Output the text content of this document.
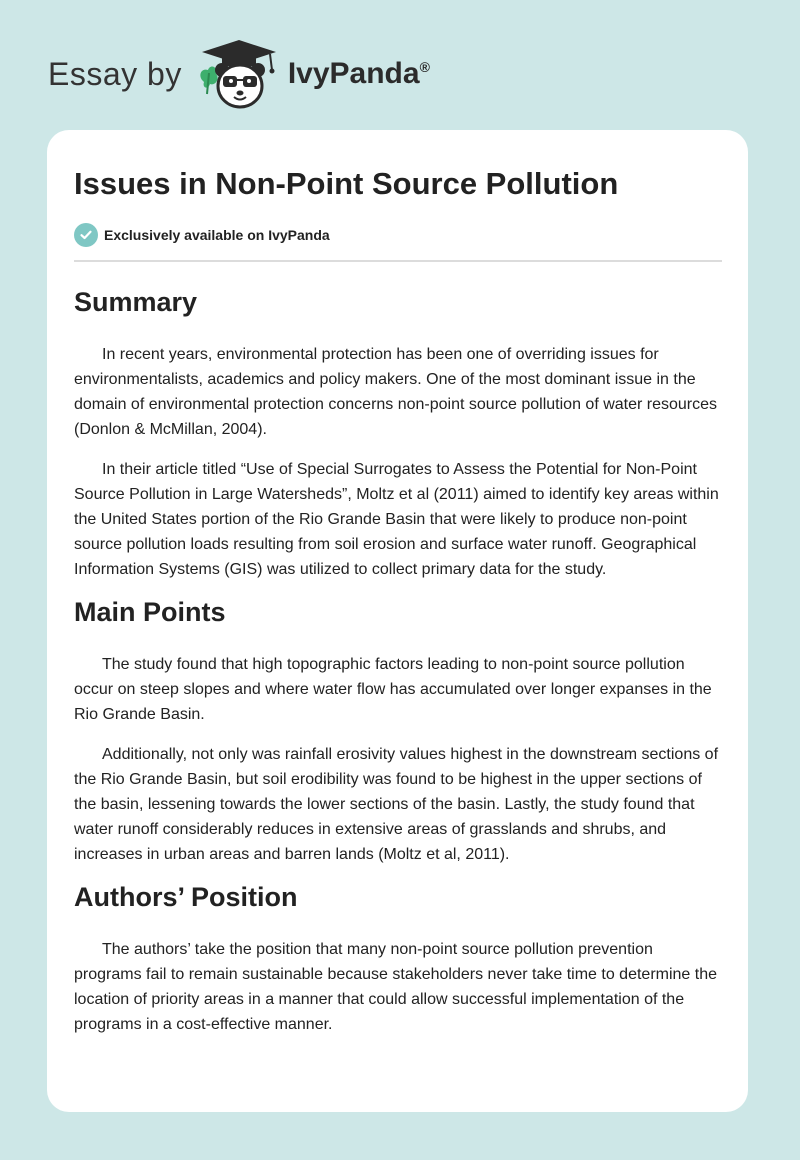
Essay by	IvyPanda®
Issues in Non-Point Source Pollution
Exclusively available on IvyPanda
Summary

In recent years, environmental protection has been one of overriding issues for environmentalists, academics and policy makers. One of the most dominant issue in the domain of environmental protection concerns non-point source pollution of water resources (Donlon & McMillan, 2004).

In their article titled “Use of Special Surrogates to Assess the Potential for Non-Point Source Pollution in Large Watersheds”, Moltz et al (2011) aimed to identify key areas within the United States portion of the Rio Grande Basin that were likely to produce non-point source pollution loads resulting from soil erosion and surface water runoff. Geographical Information Systems (GIS) was utilized to collect primary data for the study.

Main Points

The study found that high topographic factors leading to non-point source pollution occur on steep slopes and where water flow has accumulated over longer expanses in the Rio Grande Basin.

Additionally, not only was rainfall erosivity values highest in the downstream sections of the Rio Grande Basin, but soil erodibility was found to be highest in the upper sections of the basin, lessening towards the lower sections of the basin. Lastly, the study found that water runoff considerably reduces in extensive areas of grasslands and shrubs, and increases in urban areas and barren lands (Moltz et al, 2011).

Authors’ Position

The authors’ take the position that many non-point source pollution prevention programs fail to remain sustainable because stakeholders never take time to determine the location of priority areas in a manner that could allow successful implementation of the programs in a cost-effective manner.
